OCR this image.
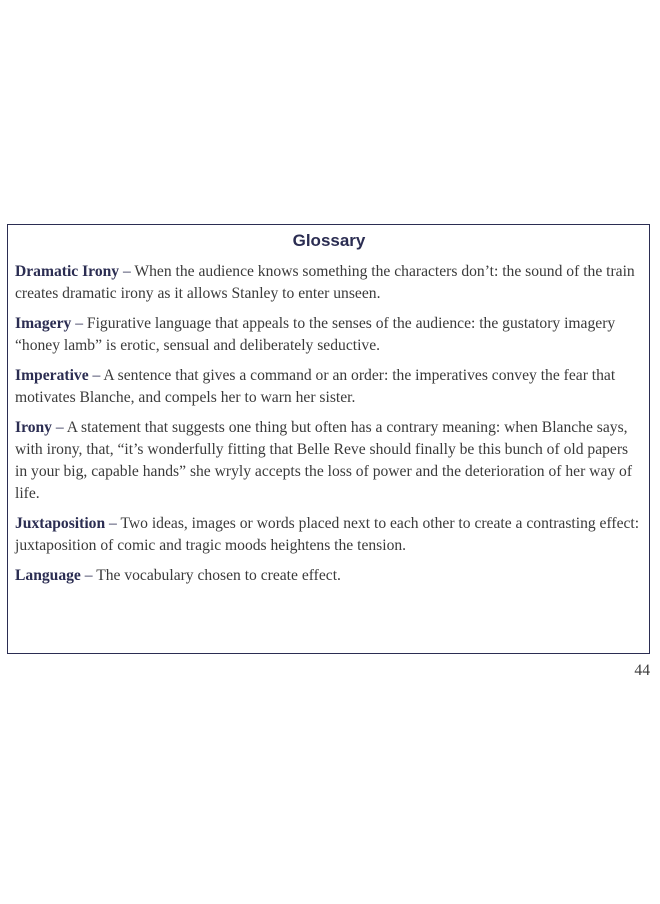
Glossary

Dramatic Irony – When the audience knows something the characters don’t: the sound of the train creates dramatic irony as it allows Stanley to enter unseen.

Imagery – Figurative language that appeals to the senses of the audience: the gustatory imagery “honey lamb” is erotic, sensual and deliberately seductive.

Imperative – A sentence that gives a command or an order: the imperatives convey the fear that motivates Blanche, and compels her to warn her sister.

Irony – A statement that suggests one thing but often has a contrary meaning: when Blanche says, with irony, that, “it’s wonderfully fitting that Belle Reve should finally be this bunch of old papers in your big, capable hands” she wryly accepts the loss of power and the deterioration of her way of life.

Juxtaposition – Two ideas, images or words placed next to each other to create a contrasting effect: juxtaposition of comic and tragic moods heightens the tension.

Language – The vocabulary chosen to create effect.

44
